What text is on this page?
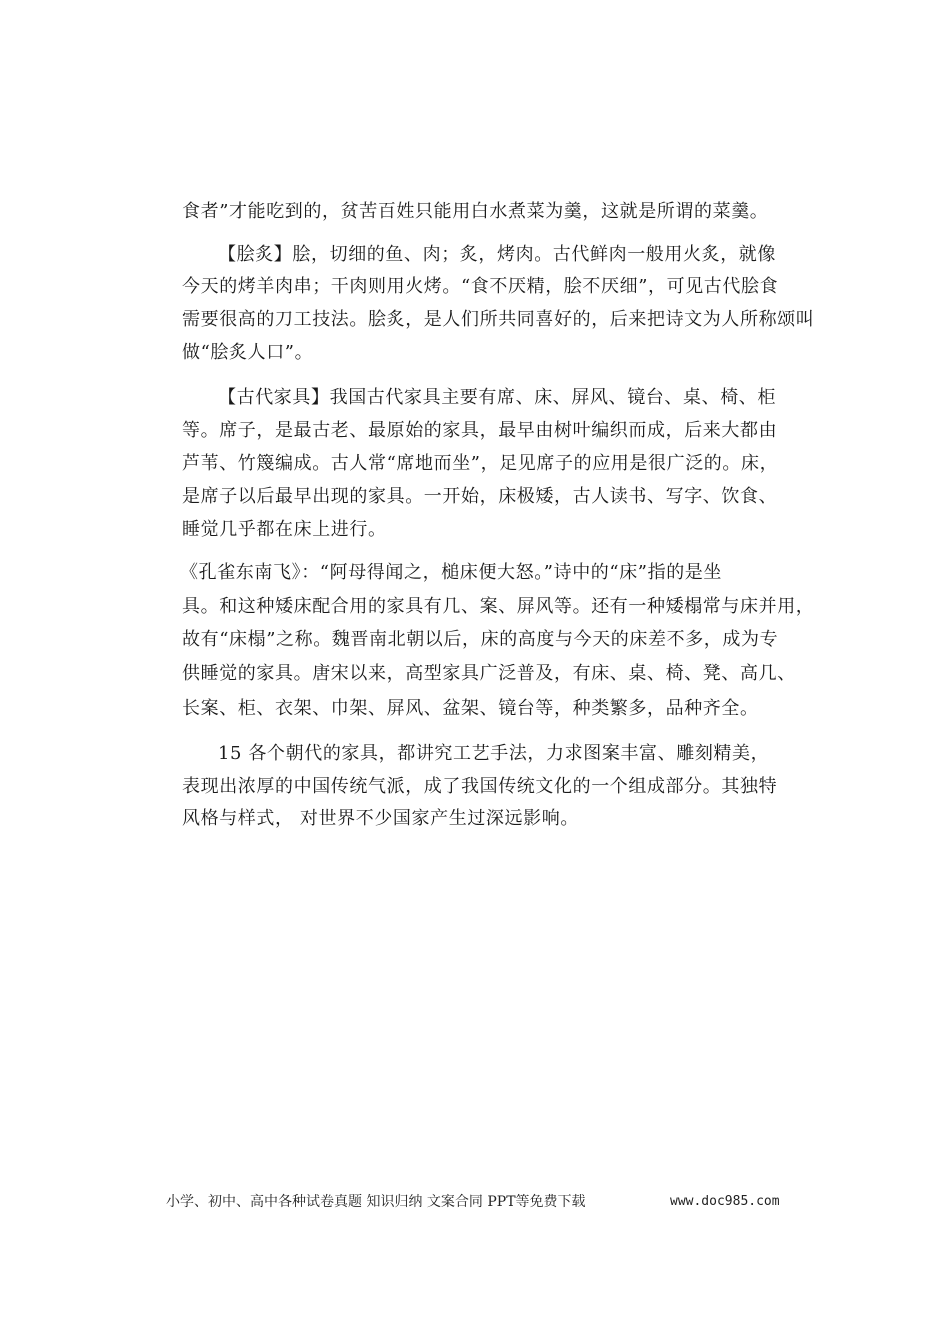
食者”才能吃到的，贫苦百姓只能用白水煮菜为羹，这就是所谓的菜羹。
【脍炙】脍，切细的鱼、肉；炙，烤肉。古代鲜肉一般用火炙，就像
今天的烤羊肉串；干肉则用火烤。“食不厌精，脍不厌细”，可见古代脍食
需要很高的刀工技法。脍炙，是人们所共同喜好的，后来把诗文为人所称颂叫
做“脍炙人口”。
【古代家具】我国古代家具主要有席、床、屏风、镜台、桌、椅、柜
等。席子，是最古老、最原始的家具，最早由树叶编织而成，后来大都由
芦苇、竹篾编成。古人常“席地而坐”，足见席子的应用是很广泛的。床，
是席子以后最早出现的家具。一开始，床极矮，古人读书、写字、饮食、
睡觉几乎都在床上进行。
《孔雀东南飞》：“阿母得闻之，槌床便大怒。”诗中的“床”指的是坐
具。和这种矮床配合用的家具有几、案、屏风等。还有一种矮榻常与床并用，
故有“床榻”之称。魏晋南北朝以后，床的高度与今天的床差不多，成为专
供睡觉的家具。唐宋以来，高型家具广泛普及，有床、桌、椅、凳、高几、
长案、柜、衣架、巾架、屏风、盆架、镜台等，种类繁多，品种齐全。
15 各个朝代的家具，都讲究工艺手法，力求图案丰富、雕刻精美，
表现出浓厚的中国传统气派，成了我国传统文化的一个组成部分。其独特
风格与样式， 对世界不少国家产生过深远影响。
小学、初中、高中各种试卷真题 知识归纳 文案合同 PPT等免费下载	www.doc985.com
